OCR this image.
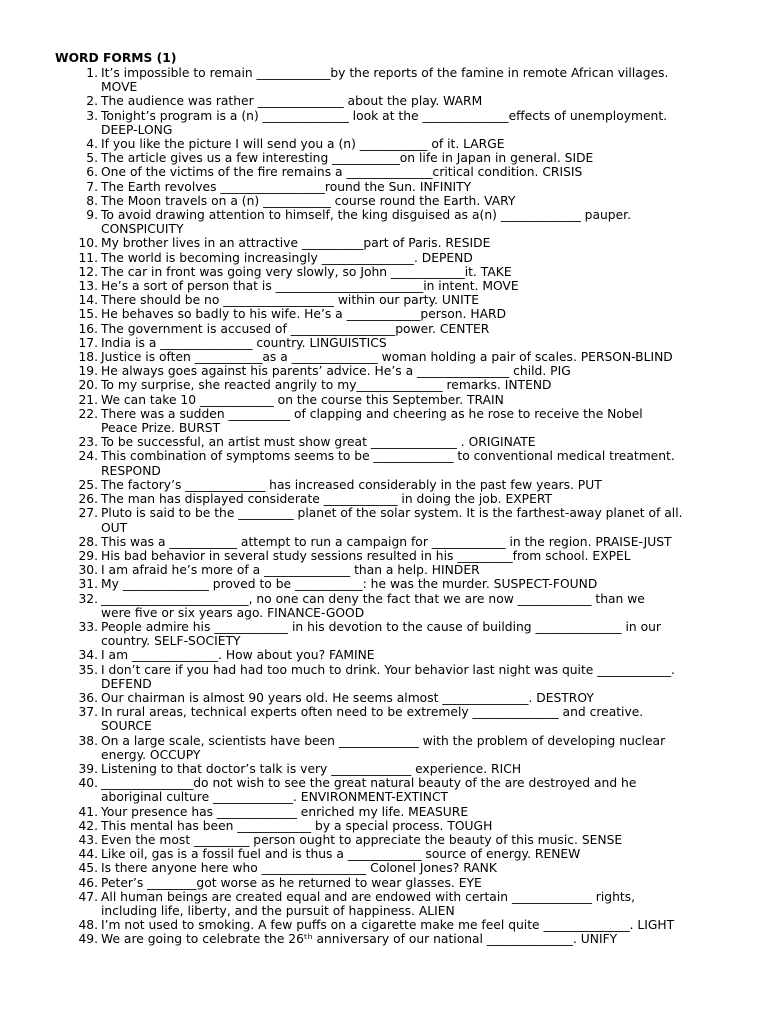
WORD FORMS (1)
1. It’s impossible to remain ____________by the reports of the famine in remote African villages.
MOVE
2. The audience was rather ______________ about the play. WARM
3. Tonight’s program is a (n) ______________ look at the ______________effects of unemployment.
DEEP-LONG
4. If you like the picture I will send you a (n) ___________ of it. LARGE
5. The article gives us a few interesting ___________on life in Japan in general. SIDE
6. One of the victims of the fire remains a ______________critical condition. CRISIS
7. The Earth revolves _________________round the Sun. INFINITY
8. The Moon travels on a (n) ___________ course round the Earth. VARY
9. To avoid drawing attention to himself, the king disguised as a(n) _____________ pauper.
CONSPICUITY
10. My brother lives in an attractive __________part of Paris. RESIDE
11. The world is becoming increasingly _______________. DEPEND
12. The car in front was going very slowly, so John ____________it. TAKE
13. He’s a sort of person that is ________________________in intent. MOVE
14. There should be no __________________ within our party. UNITE
15. He behaves so badly to his wife. He’s a ____________person. HARD
16. The government is accused of _________________power. CENTER
17. India is a _______________ country. LINGUISTICS
18. Justice is often ___________as a ______________ woman holding a pair of scales. PERSON-BLIND
19. He always goes against his parents’ advice. He’s a _______________ child. PIG
20. To my surprise, she reacted angrily to my______________ remarks. INTEND
21. We can take 10 ____________ on the course this September. TRAIN
22. There was a sudden __________ of clapping and cheering as he rose to receive the Nobel
Peace Prize. BURST
23. To be successful, an artist must show great ______________ . ORIGINATE
24. This combination of symptoms seems to be _____________ to conventional medical treatment.
RESPOND
25. The factory’s _____________ has increased considerably in the past few years. PUT
26. The man has displayed considerate ____________ in doing the job. EXPERT
27. Pluto is said to be the _________ planet of the solar system. It is the farthest-away planet of all.
OUT
28. This was a ___________ attempt to run a campaign for ____________ in the region. PRAISE-JUST
29. His bad behavior in several study sessions resulted in his _________from school. EXPEL
30. I am afraid he’s more of a ______________ than a help. HINDER
31. My ______________ proved to be ___________: he was the murder. SUSPECT-FOUND
32. ________________________, no one can deny the fact that we are now ____________ than we
were five or six years ago. FINANCE-GOOD
33. People admire his ____________ in his devotion to the cause of building ______________ in our
country. SELF-SOCIETY
34. I am ______________. How about you? FAMINE
35. I don’t care if you had had too much to drink. Your behavior last night was quite ____________.
DEFEND
36. Our chairman is almost 90 years old. He seems almost ______________. DESTROY
37. In rural areas, technical experts often need to be extremely ______________ and creative.
SOURCE
38. On a large scale, scientists have been _____________ with the problem of developing nuclear
energy. OCCUPY
39. Listening to that doctor’s talk is very _____________ experience. RICH
40. _______________do not wish to see the great natural beauty of the are destroyed and he
aboriginal culture _____________. ENVIRONMENT-EXTINCT
41. Your presence has _____________ enriched my life. MEASURE
42. This mental has been ____________ by a special process. TOUGH
43. Even the most _________ person ought to appreciate the beauty of this music. SENSE
44. Like oil, gas is a fossil fuel and is thus a ____________ source of energy. RENEW
45. Is there anyone here who _________________ Colonel Jones? RANK
46. Peter’s ________got worse as he returned to wear glasses. EYE
47. All human beings are created equal and are endowed with certain _____________ rights,
including life, liberty, and the pursuit of happiness. ALIEN
48. I’m not used to smoking. A few puffs on a cigarette make me feel quite ______________. LIGHT
49. We are going to celebrate the 26ᵗʰ anniversary of our national ______________. UNIFY
